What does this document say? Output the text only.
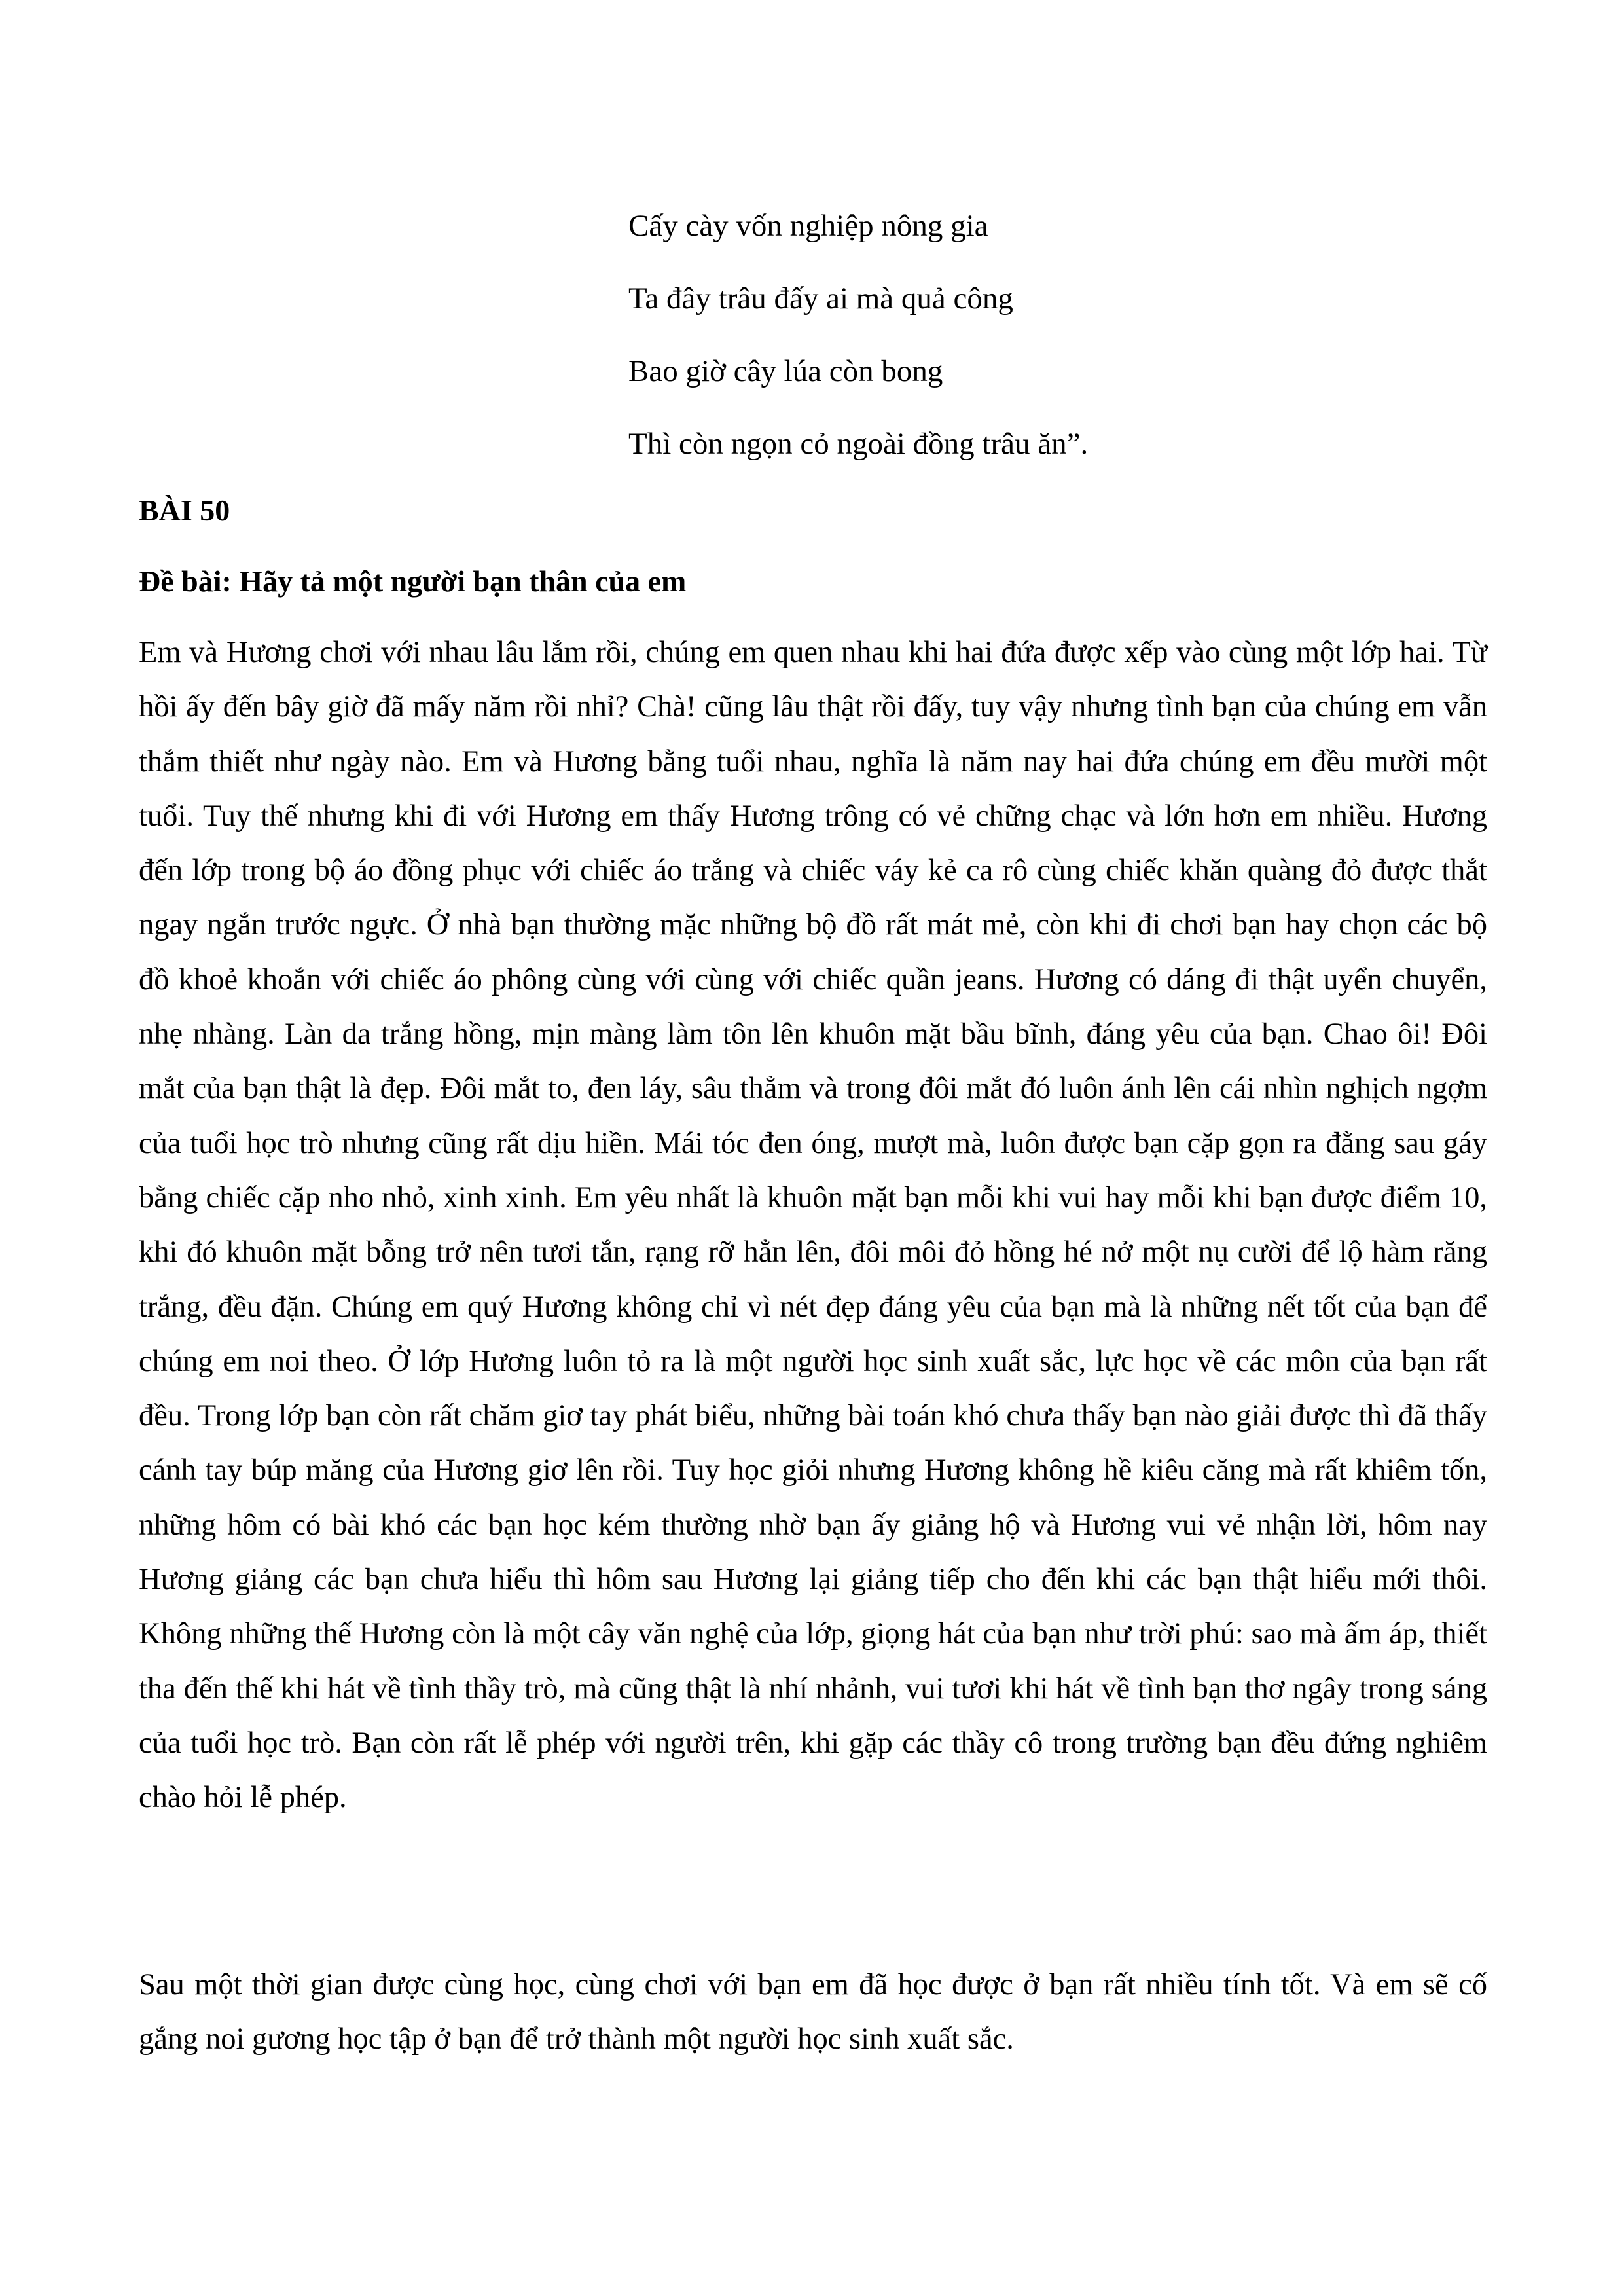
Cấy cày vốn nghiệp nông gia
Ta đây trâu đấy ai mà quả công
Bao giờ cây lúa còn bong
Thì còn ngọn cỏ ngoài đồng trâu ăn”.
BÀI 50
Đề bài: Hãy tả một người bạn thân của em

Em và Hương chơi với nhau lâu lắm rồi, chúng em quen nhau khi hai đứa được xếp vào cùng một lớp hai. Từ hồi ấy đến bây giờ đã mấy năm rồi nhỉ? Chà! cũng lâu thật rồi đấy, tuy vậy nhưng tình bạn của chúng em vẫn thắm thiết như ngày nào. Em và Hương bằng tuổi nhau, nghĩa là năm nay hai đứa chúng em đều mười một tuổi. Tuy thế nhưng khi đi với Hương em thấy Hương trông có vẻ chững chạc và lớn hơn em nhiều. Hương đến lớp trong bộ áo đồng phục với chiếc áo trắng và chiếc váy kẻ ca rô cùng chiếc khăn quàng đỏ được thắt ngay ngắn trước ngực. Ở nhà bạn thường mặc những bộ đồ rất mát mẻ, còn khi đi chơi bạn hay chọn các bộ đồ khoẻ khoắn với chiếc áo phông cùng với cùng với chiếc quần jeans. Hương có dáng đi thật uyển chuyển, nhẹ nhàng. Làn da trắng hồng, mịn màng làm tôn lên khuôn mặt bầu bĩnh, đáng yêu của bạn. Chao ôi! Đôi mắt của bạn thật là đẹp. Đôi mắt to, đen láy, sâu thẳm và trong đôi mắt đó luôn ánh lên cái nhìn nghịch ngợm của tuổi học trò nhưng cũng rất dịu hiền. Mái tóc đen óng, mượt mà, luôn được bạn cặp gọn ra đằng sau gáy bằng chiếc cặp nho nhỏ, xinh xinh. Em yêu nhất là khuôn mặt bạn mỗi khi vui hay mỗi khi bạn được điểm 10, khi đó khuôn mặt bỗng trở nên tươi tắn, rạng rỡ hẳn lên, đôi môi đỏ hồng hé nở một nụ cười để lộ hàm răng trắng, đều đặn. Chúng em quý Hương không chỉ vì nét đẹp đáng yêu của bạn mà là những nết tốt của bạn để chúng em noi theo. Ở lớp Hương luôn tỏ ra là một người học sinh xuất sắc, lực học về các môn của bạn rất đều. Trong lớp bạn còn rất chăm giơ tay phát biểu, những bài toán khó chưa thấy bạn nào giải được thì đã thấy cánh tay búp măng của Hương giơ lên rồi. Tuy học giỏi nhưng Hương không hề kiêu căng mà rất khiêm tốn, những hôm có bài khó các bạn học kém thường nhờ bạn ấy giảng hộ và Hương vui vẻ nhận lời, hôm nay Hương giảng các bạn chưa hiểu thì hôm sau Hương lại giảng tiếp cho đến khi các bạn thật hiểu mới thôi. Không những thế Hương còn là một cây văn nghệ của lớp, giọng hát của bạn như trời phú: sao mà ấm áp, thiết tha đến thế khi hát về tình thầy trò, mà cũng thật là nhí nhảnh, vui tươi khi hát về tình bạn thơ ngây trong sáng của tuổi học trò. Bạn còn rất lễ phép với người trên, khi gặp các thầy cô trong trường bạn đều đứng nghiêm chào hỏi lễ phép.

Sau một thời gian được cùng học, cùng chơi với bạn em đã học được ở bạn rất nhiều tính tốt. Và em sẽ cố gắng noi gương học tập ở bạn để trở thành một người học sinh xuất sắc.
